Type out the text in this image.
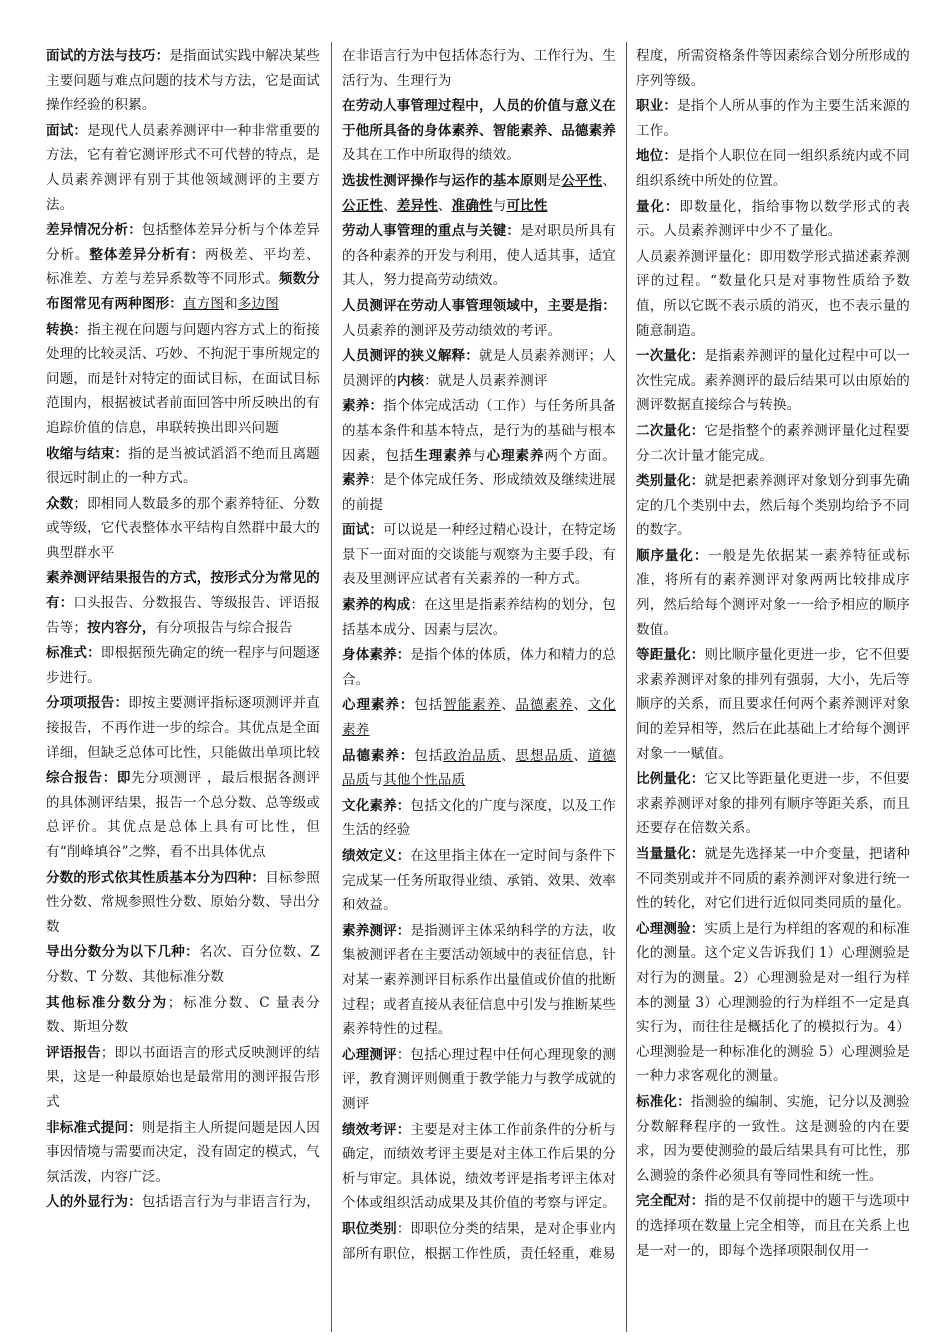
面试的方法与技巧：是指面试实践中解决某些主要问题与难点问题的技术与方法，它是面试操作经验的积累。

面试：是现代人员素养测评中一种非常重要的方法，它有着它测评形式不可代替的特点，是人员素养测评有别于其他领域测评的主要方法。

差异情况分析：包括整体差异分析与个体差异分析。整体差异分析有：两极差、平均差、标准差、方差与差异系数等不同形式。频数分布图常见有两种图形：直方图和多边图

转换：指主视在问题与问题内容方式上的衔接处理的比较灵活、巧妙、不拘泥于事所规定的问题，而是针对特定的面试目标，在面试目标范围内，根据被试者前面回答中所反映出的有追踪价值的信息，串联转换出即兴问题

收缩与结束：指的是当被试滔滔不绝而且离题很远时制止的一种方式。

众数；即相同人数最多的那个素养特征、分数或等级，它代表整体水平结构自然群中最大的典型群水平

素养测评结果报告的方式，按形式分为常见的有：口头报告、分数报告、等级报告、评语报告等；按内容分，有分项报告与综合报告

标准式：即根据预先确定的统一程序与问题逐步进行。

分项项报告：即按主要测评指标逐项测评并直接报告，不再作进一步的综合。其优点是全面详细，但缺乏总体可比性，只能做出单项比较

综合报告：即先分项测评 ，最后根据各测评的具体测评结果，报告一个总分数、总等级或总评价。其优点是总体上具有可比性，但有“削峰填谷”之弊，看不出具体优点

分数的形式依其性质基本分为四种：目标参照性分数、常规参照性分数、原始分数、导出分数

导出分数分为以下几种：名次、百分位数、Z 分数、T 分数、其他标准分数

其他标准分数分为；标准分数、C 量表分数、斯坦分数

评语报告；即以书面语言的形式反映测评的结果，这是一种最原始也是最常用的测评报告形式

非标准式提问：则是指主人所提问题是因人因事因情境与需要而决定，没有固定的模式，气氛活泼，内容广泛。

人的外显行为：包括语言行为与非语言行为，

在非语言行为中包括体态行为、工作行为、生活行为、生理行为

在劳动人事管理过程中，人员的价值与意义在于他所具备的身体素养、智能素养、品德素养及其在工作中所取得的绩效。

选拔性测评操作与运作的基本原则是公平性、公正性、差异性、准确性与可比性

劳动人事管理的重点与关键：是对职员所具有的各种素养的开发与利用，使人适其事，适宜其人，努力提高劳动绩效。

人员测评在劳动人事管理领域中，主要是指：人员素养的测评及劳动绩效的考评。

人员测评的狭义解释：就是人员素养测评；人员测评的内核：就是人员素养测评

素养：指个体完成活动（工作）与任务所具备的基本条件和基本特点，是行为的基础与根本因素，包括生理素养与心理素养两个方面。素养：是个体完成任务、形成绩效及继续进展的前提

面试：可以说是一种经过精心设计，在特定场景下一面对面的交谈能与观察为主要手段，有表及里测评应试者有关素养的一种方式。

素养的构成：在这里是指素养结构的划分，包括基本成分、因素与层次。

身体素养：是指个体的体质，体力和精力的总合。

心理素养：包括智能素养、品德素养、文化素养

品德素养：包括政治品质、思想品质、道德品质与其他个性品质

文化素养：包括文化的广度与深度，以及工作生活的经验

绩效定义：在这里指主体在一定时间与条件下完成某一任务所取得业绩、承销、效果、效率和效益。

素养测评：是指测评主体采纳科学的方法，收集被测评者在主要活动领域中的表征信息，针对某一素养测评目标系作出量值或价值的批断过程；或者直接从表征信息中引发与推断某些素养特性的过程。

心理测评：包括心理过程中任何心理现象的测评，教育测评则侧重于教学能力与教学成就的测评

绩效考评：主要是对主体工作前条件的分析与确定，而绩效考评主要是对主体工作后果的分析与审定。具体说，绩效考评是指考评主体对个体或组织活动成果及其价值的考察与评定。

职位类别：即职位分类的结果，是对企事业内部所有职位，根据工作性质，责任轻重，难易

程度，所需资格条件等因素综合划分所形成的序列等级。

职业：是指个人所从事的作为主要生活来源的工作。

地位：是指个人职位在同一组织系统内或不同组织系统中所处的位置。

量化：即数量化，指给事物以数学形式的表示。人员素养测评中少不了量化。

人员素养测评量化：即用数学形式描述素养测评的过程。“数量化只是对事物性质给予数值，所以它既不表示质的消灭，也不表示量的随意制造。

一次量化：是指素养测评的量化过程中可以一次性完成。素养测评的最后结果可以由原始的测评数据直接综合与转换。

二次量化：它是指整个的素养测评量化过程要分二次计量才能完成。

类别量化：就是把素养测评对象划分到事先确定的几个类别中去，然后每个类别均给予不同的数字。

顺序量化：一般是先依据某一素养特征或标准，将所有的素养测评对象两两比较排成序列，然后给每个测评对象一一给予相应的顺序数值。

等距量化：则比顺序量化更进一步，它不但要求素养测评对象的排列有强弱，大小，先后等顺序的关系，而且要求任何两个素养测评对象间的差异相等，然后在此基础上才给每个测评对象一一赋值。

比例量化：它又比等距量化更进一步，不但要求素养测评对象的排列有顺序等距关系，而且还要存在倍数关系。

当量量化：就是先选择某一中介变量，把诸种不同类别或并不同质的素养测评对象进行统一性的转化，对它们进行近似同类同质的量化。

心理测验：实质上是行为样组的客观的和标准化的测量。这个定义告诉我们 1）心理测验是对行为的测量。2）心理测验是对一组行为样本的测量 3）心理测验的行为样组不一定是真实行为，而往往是概括化了的模拟行为。4）心理测验是一种标准化的测验 5）心理测验是一种力求客观化的测量。

标准化：指测验的编制、实施，记分以及测验分数解释程序的一致性。这是测验的内在要求，因为要使测验的最后结果具有可比性，那么测验的条件必须具有等同性和统一性。

完全配对：指的是不仅前提中的题干与选项中的选择项在数量上完全相等，而且在关系上也是一对一的，即每个选择项限制仅用一
